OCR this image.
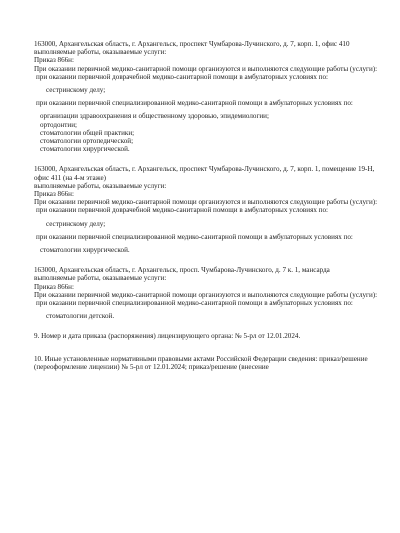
163000, Архангельская область, г. Архангельск, проспект Чумбарова-Лучинского, д. 7, корп. 1, офис 410

выполняемые работы, оказываемые услуги:

Приказ 866н:

При оказании первичной медико-санитарной помощи организуются и выполняются следующие работы (услуги):

при оказании первичной доврачебной медико-санитарной помощи в амбулаторных условиях по:

сестринскому делу;

при оказании первичной специализированной медико-санитарной помощи в амбулаторных условиях по:

организации здравоохранения и общественному здоровью, эпидемиологии;

ортодонтии;

стоматологии общей практики;

стоматологии ортопедической;

стоматологии хирургической.

163000, Архангельская область, г. Архангельск, проспект Чумбарова-Лучинского, д. 7, корп. 1, помещение 19-Н, офис 411 (на 4-м этаже)

выполняемые работы, оказываемые услуги:

Приказ 866н:

При оказании первичной медико-санитарной помощи организуются и выполняются следующие работы (услуги):

при оказании первичной доврачебной медико-санитарной помощи в амбулаторных условиях по:

сестринскому делу;

при оказании первичной специализированной медико-санитарной помощи в амбулаторных условиях по:

стоматологии хирургической.

163000, Архангельская область, г. Архангельск, просп. Чумбарова-Лучинского, д. 7 к. 1, мансарда

выполняемые работы, оказываемые услуги:

Приказ 866н:

При оказании первичной медико-санитарной помощи организуются и выполняются следующие работы (услуги):

при оказании первичной специализированной медико-санитарной помощи в амбулаторных условиях по:

стоматологии детской.

9. Номер и дата приказа (распоряжения) лицензирующего органа: № 5-рл от 12.01.2024.

10. Иные установленные нормативными правовыми актами Российской Федерации сведения: приказ/решение (переоформление лицензии) № 5-рл от 12.01.2024; приказ/решение (внесение
